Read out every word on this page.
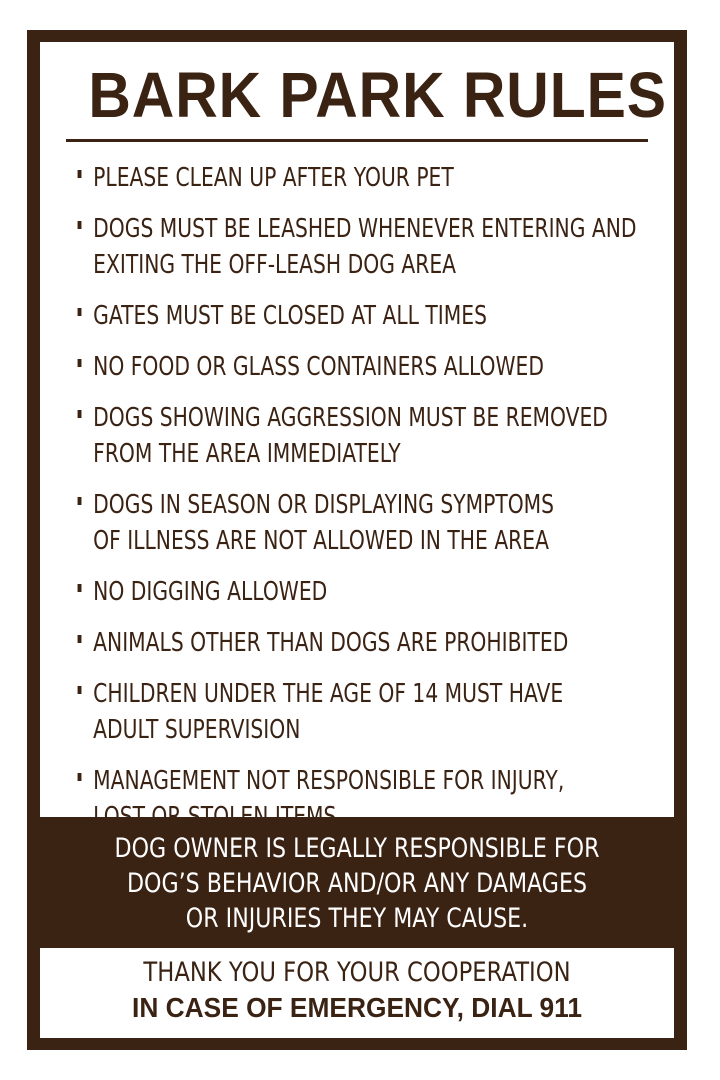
BARK PARK RULES
PLEASE CLEAN UP AFTER YOUR PET
DOGS MUST BE LEASHED WHENEVER ENTERING AND
EXITING THE OFF-LEASH DOG AREA
GATES MUST BE CLOSED AT ALL TIMES
NO FOOD OR GLASS CONTAINERS ALLOWED
DOGS SHOWING AGGRESSION MUST BE REMOVED
FROM THE AREA IMMEDIATELY
DOGS IN SEASON OR DISPLAYING SYMPTOMS
OF ILLNESS ARE NOT ALLOWED IN THE AREA
NO DIGGING ALLOWED
ANIMALS OTHER THAN DOGS ARE PROHIBITED
CHILDREN UNDER THE AGE OF 14 MUST HAVE
ADULT SUPERVISION
MANAGEMENT NOT RESPONSIBLE FOR INJURY,
LOST OR STOLEN ITEMS
DOG OWNER IS LEGALLY RESPONSIBLE FOR
DOG’S BEHAVIOR AND/OR ANY DAMAGES
OR INJURIES THEY MAY CAUSE.
THANK YOU FOR YOUR COOPERATION
IN CASE OF EMERGENCY, DIAL 911
